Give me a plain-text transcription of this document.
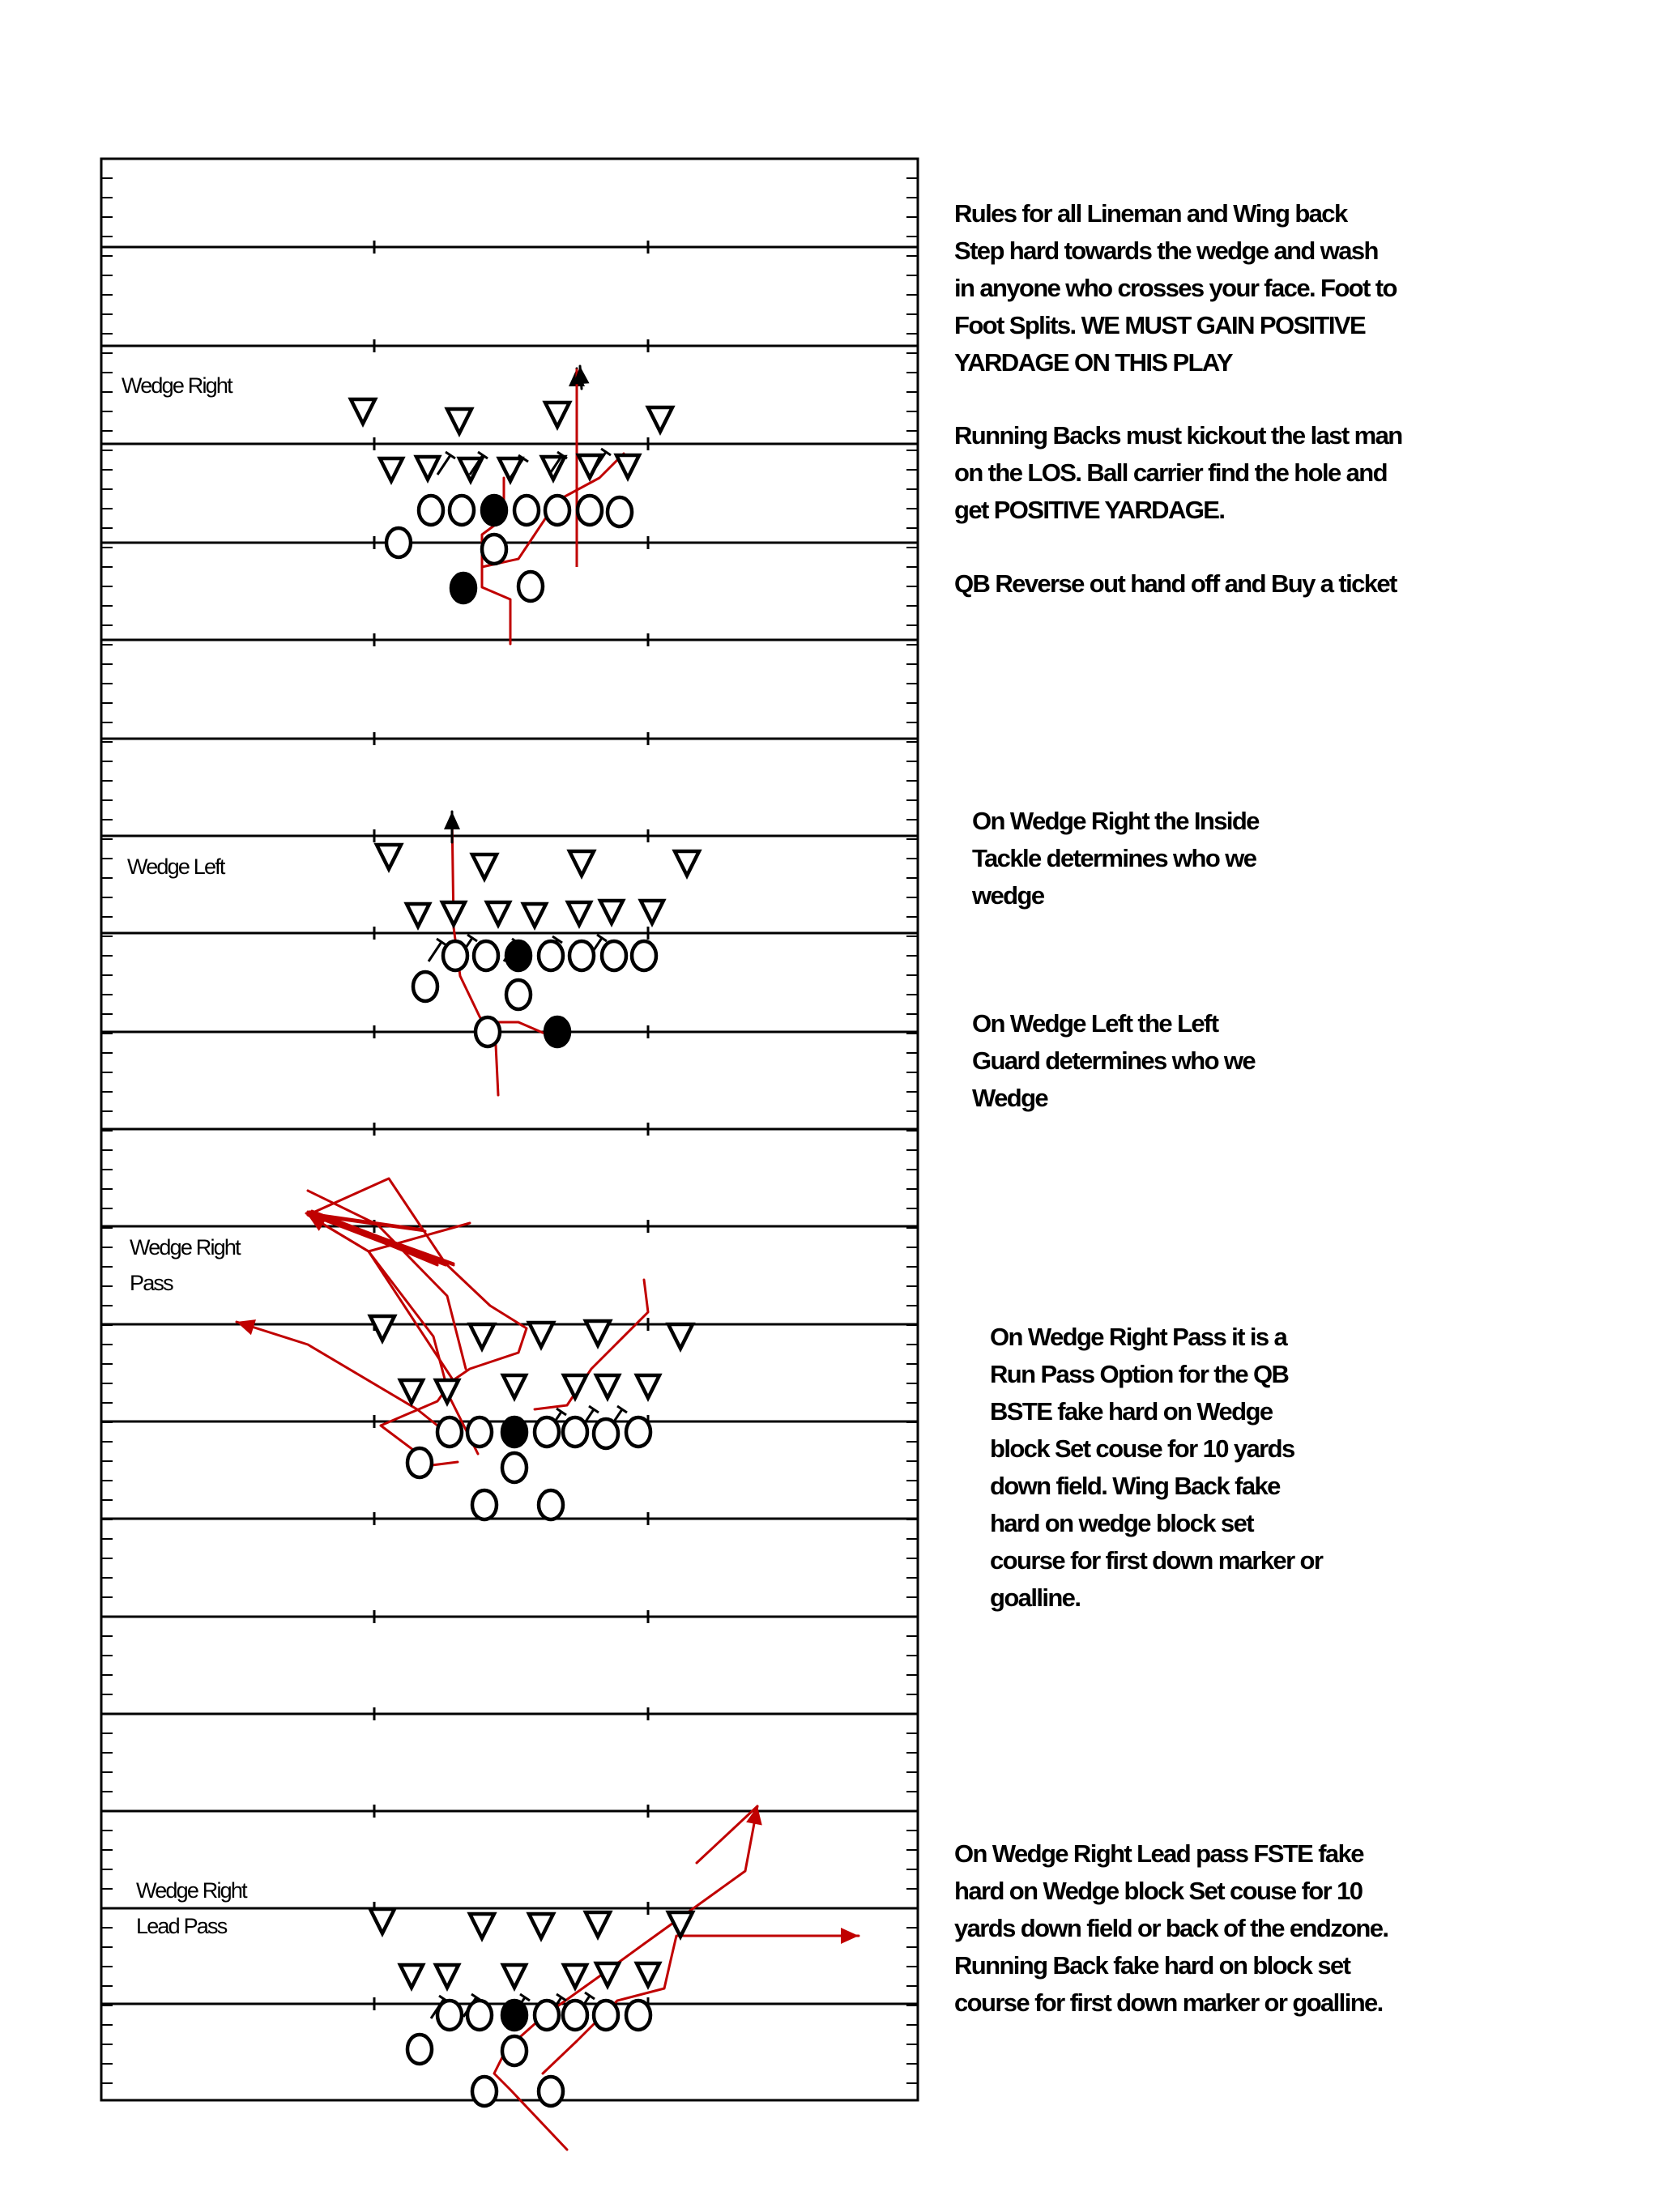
Wedge Right
Wedge Left
Wedge Right
Pass
Wedge Right
Lead Pass
Rules for all Lineman and Wing back
Step hard towards the wedge and wash
in anyone who crosses your face. Foot to
Foot Splits. WE MUST GAIN POSITIVE
YARDAGE ON THIS PLAY
Running Backs must kickout the last man
on the LOS. Ball carrier find the hole and
get POSITIVE YARDAGE.
QB Reverse out hand off and Buy a ticket
On Wedge Right the Inside
Tackle determines who we
wedge
On Wedge Left the Left
Guard determines who we
Wedge
On Wedge Right Pass it is a
Run Pass Option for the QB
BSTE fake hard on Wedge
block Set couse for 10 yards
down field. Wing Back fake
hard on wedge block set
course for first down marker or
goalline.
On Wedge Right Lead pass FSTE fake
hard on Wedge block Set couse for 10
yards down field or back of the endzone.
Running Back fake hard on block set
course for first down marker or goalline.
